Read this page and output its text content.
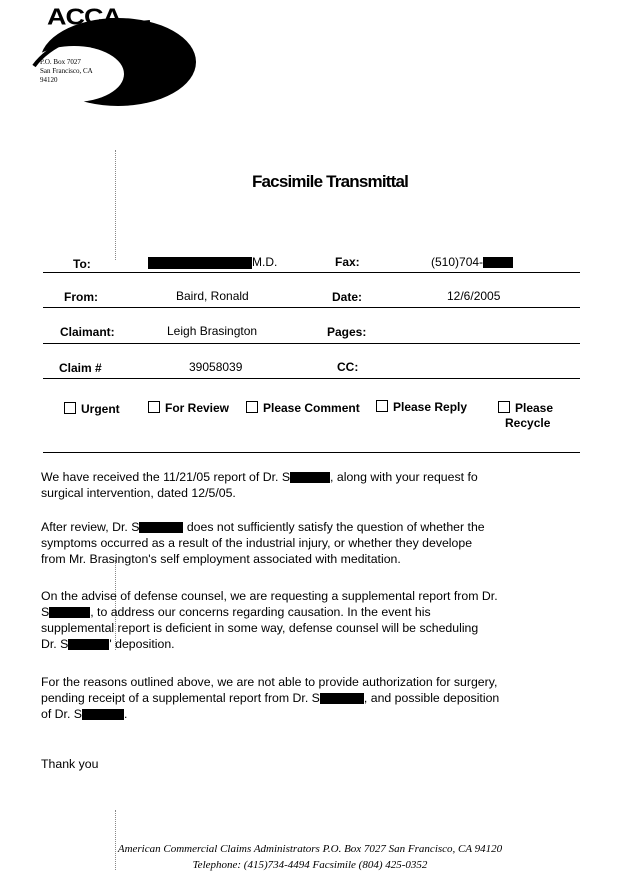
ACCA
P.O. Box 7027
San Francisco, CA
94120
Facsimile Transmittal
To:	M.D.	Fax:	(510)704-
From:	Baird, Ronald	Date:	12/6/2005
Claimant:	Leigh Brasington	Pages:
Claim #	39058039	CC:
Urgent	For Review	Please Comment	Please Reply	Please
Recycle
We have received the 11/21/05 report of Dr. S	, along with your request fo
surgical intervention, dated 12/5/05.
After review, Dr. S	does not sufficiently satisfy the question of whether the
symptoms occurred as a result of the industrial injury, or whether they develope
from Mr. Brasington's self employment associated with meditation.
On the advise of defense counsel, we are requesting a supplemental report from Dr.
S	, to address our concerns regarding causation. In the event his
supplemental report is deficient in some way, defense counsel will be scheduling
Dr. S	' deposition.
For the reasons outlined above, we are not able to provide authorization for surgery,
pending receipt of a supplemental report from Dr. S	, and possible deposition
of Dr. S	.
Thank you
American Commercial Claims Administrators P.O. Box 7027 San Francisco, CA 94120
Telephone: (415)734-4494 Facsimile (804) 425-0352
